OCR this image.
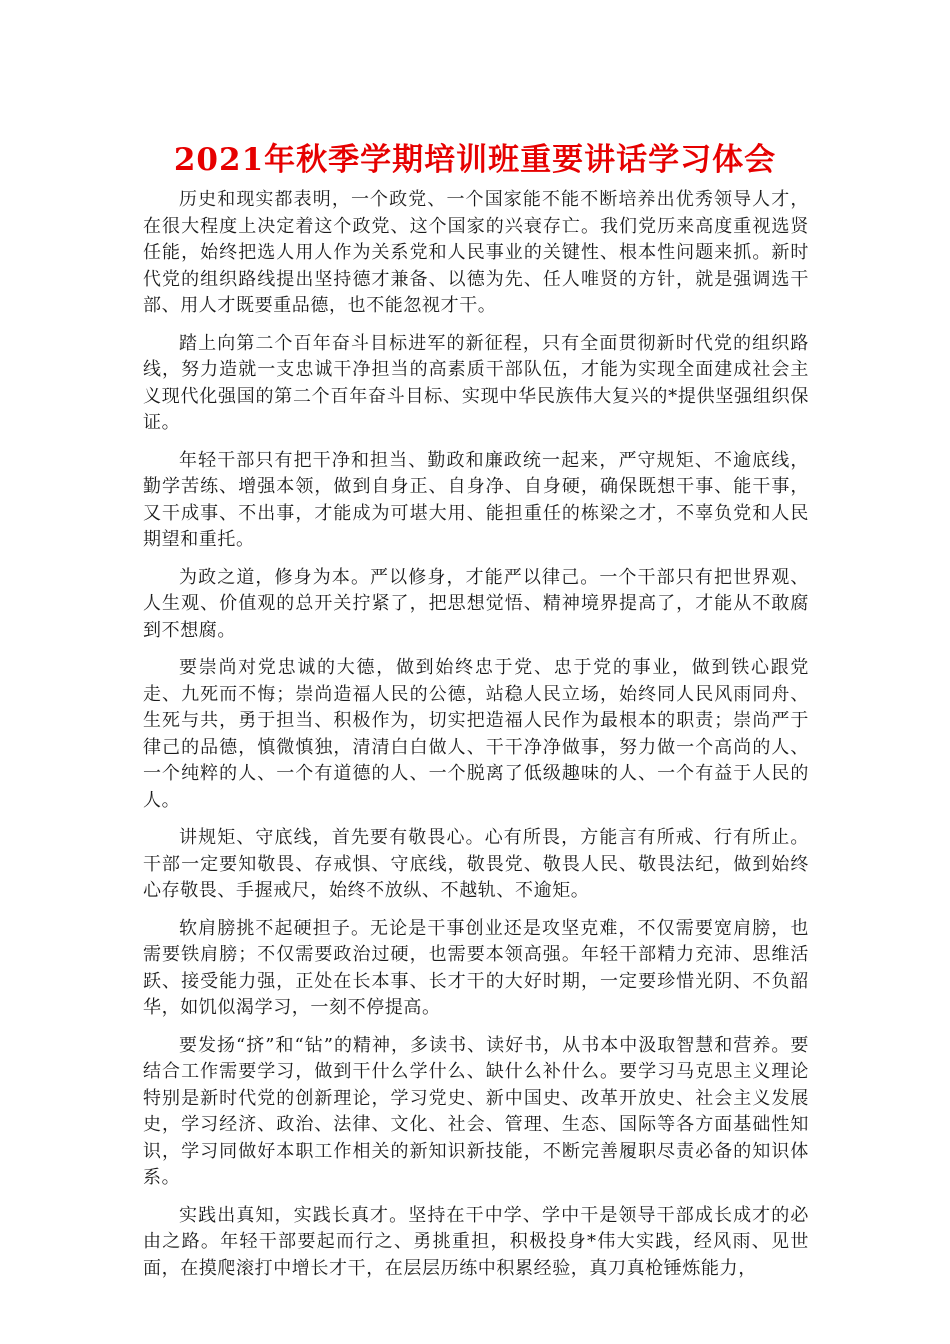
2021年秋季学期培训班重要讲话学习体会

历史和现实都表明，一个政党、一个国家能不能不断培养出优秀领导人才，在很大程度上决定着这个政党、这个国家的兴衰存亡。我们党历来高度重视选贤任能，始终把选人用人作为关系党和人民事业的关键性、根本性问题来抓。新时代党的组织路线提出坚持德才兼备、以德为先、任人唯贤的方针，就是强调选干部、用人才既要重品德，也不能忽视才干。

踏上向第二个百年奋斗目标进军的新征程，只有全面贯彻新时代党的组织路线，努力造就一支忠诚干净担当的高素质干部队伍，才能为实现全面建成社会主义现代化强国的第二个百年奋斗目标、实现中华民族伟大复兴的*提供坚强组织保证。

年轻干部只有把干净和担当、勤政和廉政统一起来，严守规矩、不逾底线，勤学苦练、增强本领，做到自身正、自身净、自身硬，确保既想干事、能干事，又干成事、不出事，才能成为可堪大用、能担重任的栋梁之才，不辜负党和人民期望和重托。

为政之道，修身为本。严以修身，才能严以律己。一个干部只有把世界观、人生观、价值观的总开关拧紧了，把思想觉悟、精神境界提高了，才能从不敢腐到不想腐。

要崇尚对党忠诚的大德，做到始终忠于党、忠于党的事业，做到铁心跟党走、九死而不悔；崇尚造福人民的公德，站稳人民立场，始终同人民风雨同舟、生死与共，勇于担当、积极作为，切实把造福人民作为最根本的职责；崇尚严于律己的品德，慎微慎独，清清白白做人、干干净净做事，努力做一个高尚的人、一个纯粹的人、一个有道德的人、一个脱离了低级趣味的人、一个有益于人民的人。

讲规矩、守底线，首先要有敬畏心。心有所畏，方能言有所戒、行有所止。干部一定要知敬畏、存戒惧、守底线，敬畏党、敬畏人民、敬畏法纪，做到始终心存敬畏、手握戒尺，始终不放纵、不越轨、不逾矩。

软肩膀挑不起硬担子。无论是干事创业还是攻坚克难，不仅需要宽肩膀，也需要铁肩膀；不仅需要政治过硬，也需要本领高强。年轻干部精力充沛、思维活跃、接受能力强，正处在长本事、长才干的大好时期，一定要珍惜光阴、不负韶华，如饥似渴学习，一刻不停提高。

要发扬“挤”和“钻”的精神，多读书、读好书，从书本中汲取智慧和营养。要结合工作需要学习，做到干什么学什么、缺什么补什么。要学习马克思主义理论特别是新时代党的创新理论，学习党史、新中国史、改革开放史、社会主义发展史，学习经济、政治、法律、文化、社会、管理、生态、国际等各方面基础性知识，学习同做好本职工作相关的新知识新技能，不断完善履职尽责必备的知识体系。

实践出真知，实践长真才。坚持在干中学、学中干是领导干部成长成才的必由之路。年轻干部要起而行之、勇挑重担，积极投身*伟大实践，经风雨、见世面，在摸爬滚打中增长才干，在层层历练中积累经验，真刀真枪锤炼能力，
